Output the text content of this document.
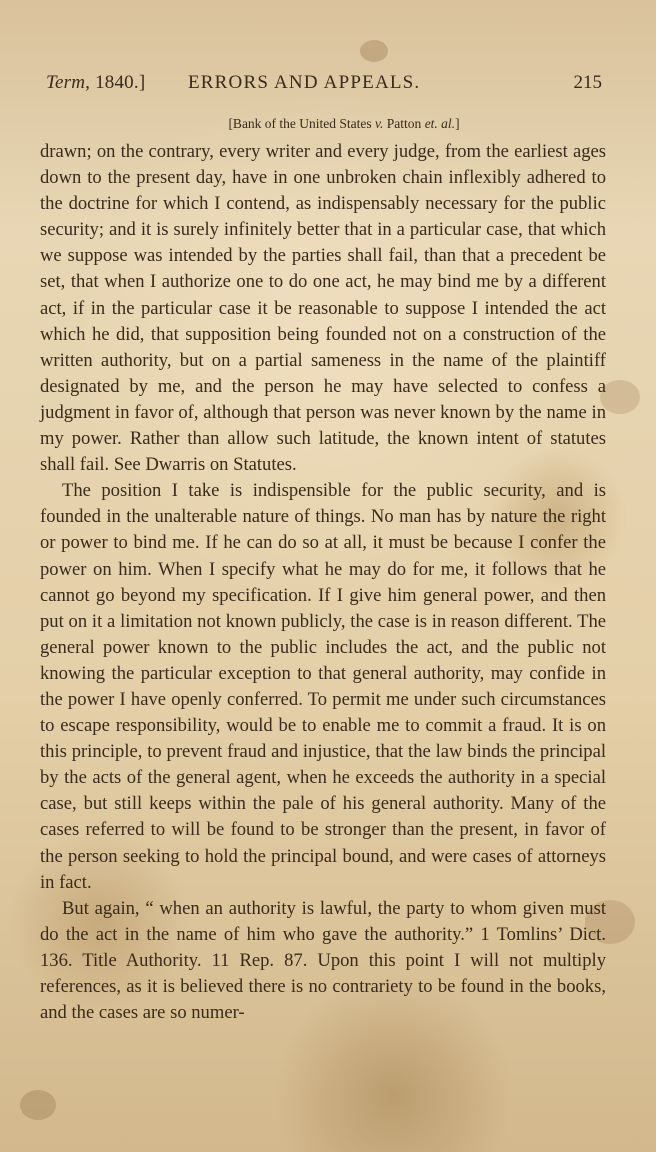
Term, 1840.] ERRORS AND APPEALS.	215
[Bank of the United States v. Patton et. al.]

drawn; on the contrary, every writer and every judge, from the earliest ages down to the present day, have in one unbroken chain inflexibly adhered to the doctrine for which I contend, as indispensably necessary for the public security; and it is surely infinitely better that in a particular case, that which we suppose was intended by the parties shall fail, than that a precedent be set, that when I authorize one to do one act, he may bind me by a different act, if in the particular case it be reasonable to suppose I intended the act which he did, that supposition being founded not on a construction of the written authority, but on a partial sameness in the name of the plaintiff designated by me, and the person he may have selected to confess a judgment in favor of, although that person was never known by the name in my power. Rather than allow such latitude, the known intent of statutes shall fail. See Dwarris on Statutes.

The position I take is indispensible for the public security, and is founded in the unalterable nature of things. No man has by nature the right or power to bind me. If he can do so at all, it must be because I confer the power on him. When I specify what he may do for me, it follows that he cannot go beyond my specification. If I give him general power, and then put on it a limitation not known publicly, the case is in reason different. The general power known to the public includes the act, and the public not knowing the particular exception to that general authority, may confide in the power I have openly conferred. To permit me under such circumstances to escape responsibility, would be to enable me to commit a fraud. It is on this principle, to prevent fraud and injustice, that the law binds the principal by the acts of the general agent, when he exceeds the authority in a special case, but still keeps within the pale of his general authority. Many of the cases referred to will be found to be stronger than the present, in favor of the person seeking to hold the principal bound, and were cases of attorneys in fact.

But again, “ when an authority is lawful, the party to whom given must do the act in the name of him who gave the authority.” 1 Tomlins’ Dict. 136. Title Authority. 11 Rep. 87. Upon this point I will not multiply references, as it is believed there is no contrariety to be found in the books, and the cases are so numer-
